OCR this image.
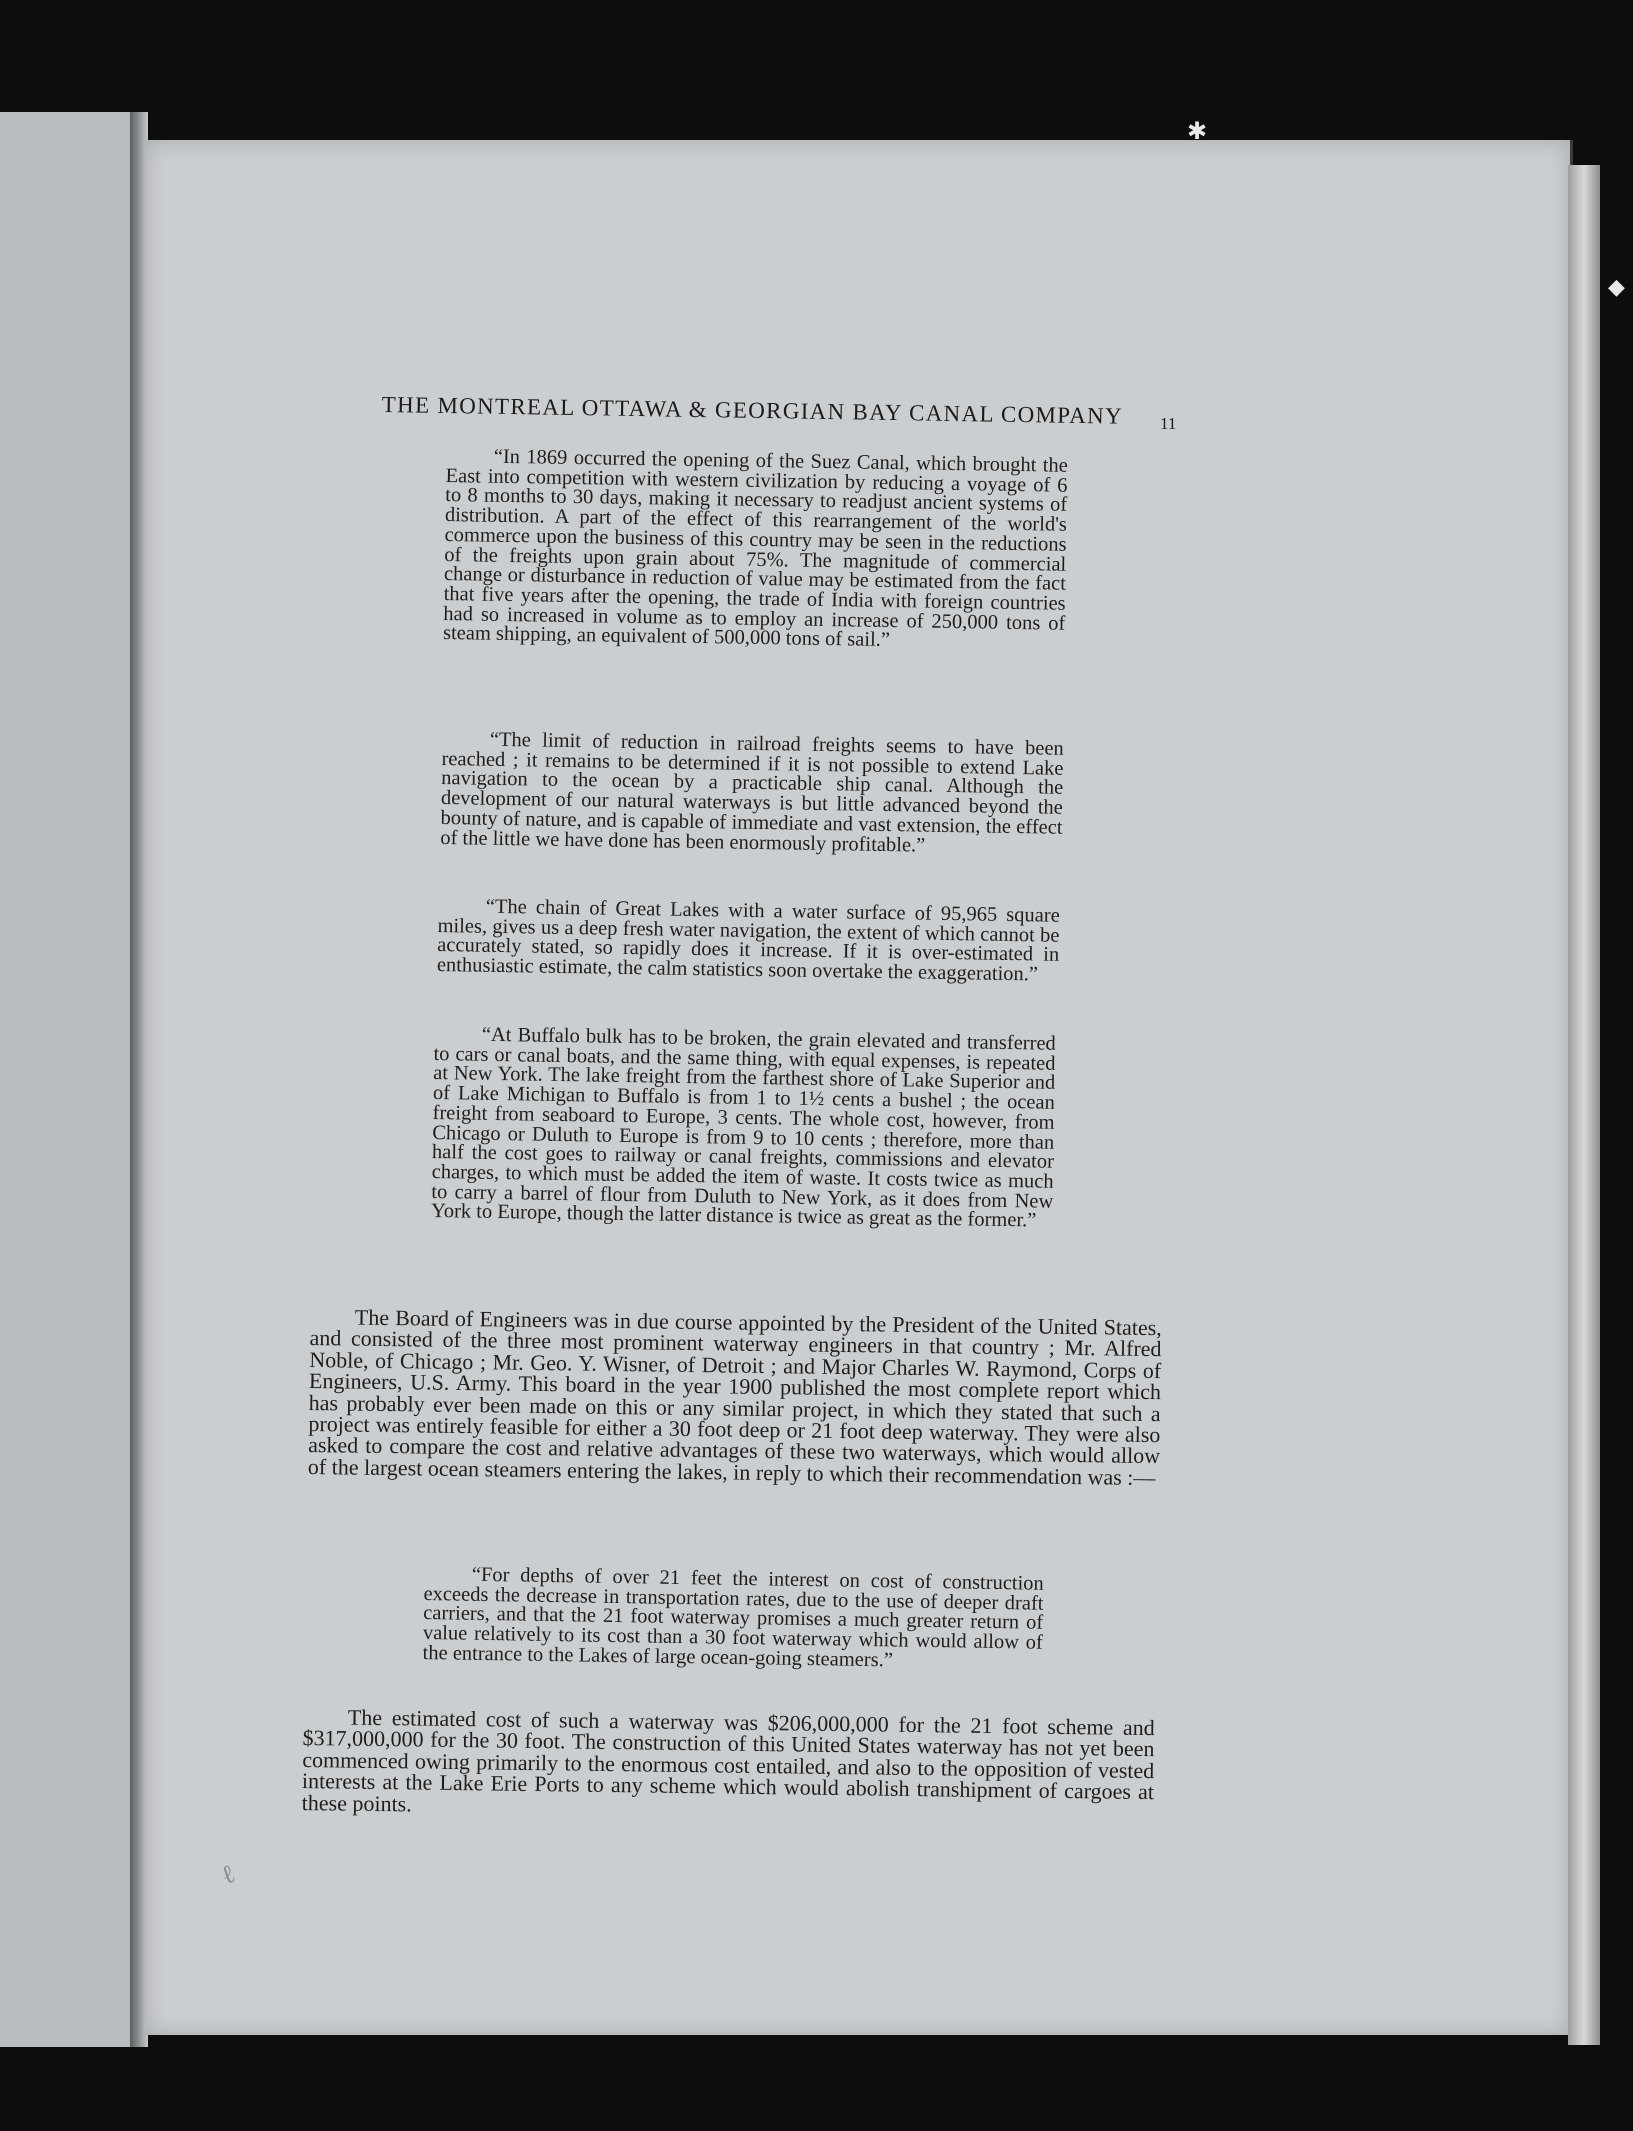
✱
◆
ℓ
THE MONTREAL OTTAWA & GEORGIAN BAY CANAL COMPANY	11

“In 1869 occurred the opening of the Suez Canal, which brought the East into competition with western civilization by reducing a voyage of 6 to 8 months to 30 days, making it necessary to readjust ancient systems of distribution. A part of the effect of this rearrangement of the world's commerce upon the business of this country may be seen in the reductions of the freights upon grain about 75%. The magnitude of commercial change or disturbance in reduction of value may be estimated from the fact that five years after the opening, the trade of India with foreign countries had so increased in volume as to employ an increase of 250,000 tons of steam shipping, an equivalent of 500,000 tons of sail.”

“The limit of reduction in railroad freights seems to have been reached ; it remains to be determined if it is not possible to extend Lake navigation to the ocean by a practicable ship canal. Although the development of our natural waterways is but little advanced beyond the bounty of nature, and is capable of immediate and vast extension, the effect of the little we have done has been enormously profitable.”

“The chain of Great Lakes with a water surface of 95,965 square miles, gives us a deep fresh water navigation, the extent of which cannot be accurately stated, so rapidly does it increase. If it is over-estimated in enthusiastic estimate, the calm statistics soon overtake the exaggeration.”

“At Buffalo bulk has to be broken, the grain elevated and transferred to cars or canal boats, and the same thing, with equal expenses, is repeated at New York. The lake freight from the farthest shore of Lake Superior and of Lake Michigan to Buffalo is from 1 to 1½ cents a bushel ; the ocean freight from seaboard to Europe, 3 cents. The whole cost, however, from Chicago or Duluth to Europe is from 9 to 10 cents ; therefore, more than half the cost goes to railway or canal freights, commissions and elevator charges, to which must be added the item of waste. It costs twice as much to carry a barrel of flour from Duluth to New York, as it does from New York to Europe, though the latter distance is twice as great as the former.”

The Board of Engineers was in due course appointed by the President of the United States, and consisted of the three most prominent waterway engineers in that country ; Mr. Alfred Noble, of Chicago ; Mr. Geo. Y. Wisner, of Detroit ; and Major Charles W. Raymond, Corps of Engineers, U.S. Army. This board in the year 1900 published the most complete report which has probably ever been made on this or any similar project, in which they stated that such a project was entirely feasible for either a 30 foot deep or 21 foot deep waterway. They were also asked to compare the cost and relative advantages of these two waterways, which would allow of the largest ocean steamers entering the lakes, in reply to which their recommendation was :—

“For depths of over 21 feet the interest on cost of construction exceeds the decrease in transportation rates, due to the use of deeper draft carriers, and that the 21 foot waterway promises a much greater return of value relatively to its cost than a 30 foot waterway which would allow of the entrance to the Lakes of large ocean-going steamers.”

The estimated cost of such a waterway was $206,000,000 for the 21 foot scheme and $317,000,000 for the 30 foot. The construction of this United States waterway has not yet been commenced owing primarily to the enormous cost entailed, and also to the opposition of vested interests at the Lake Erie Ports to any scheme which would abolish transhipment of cargoes at these points.
